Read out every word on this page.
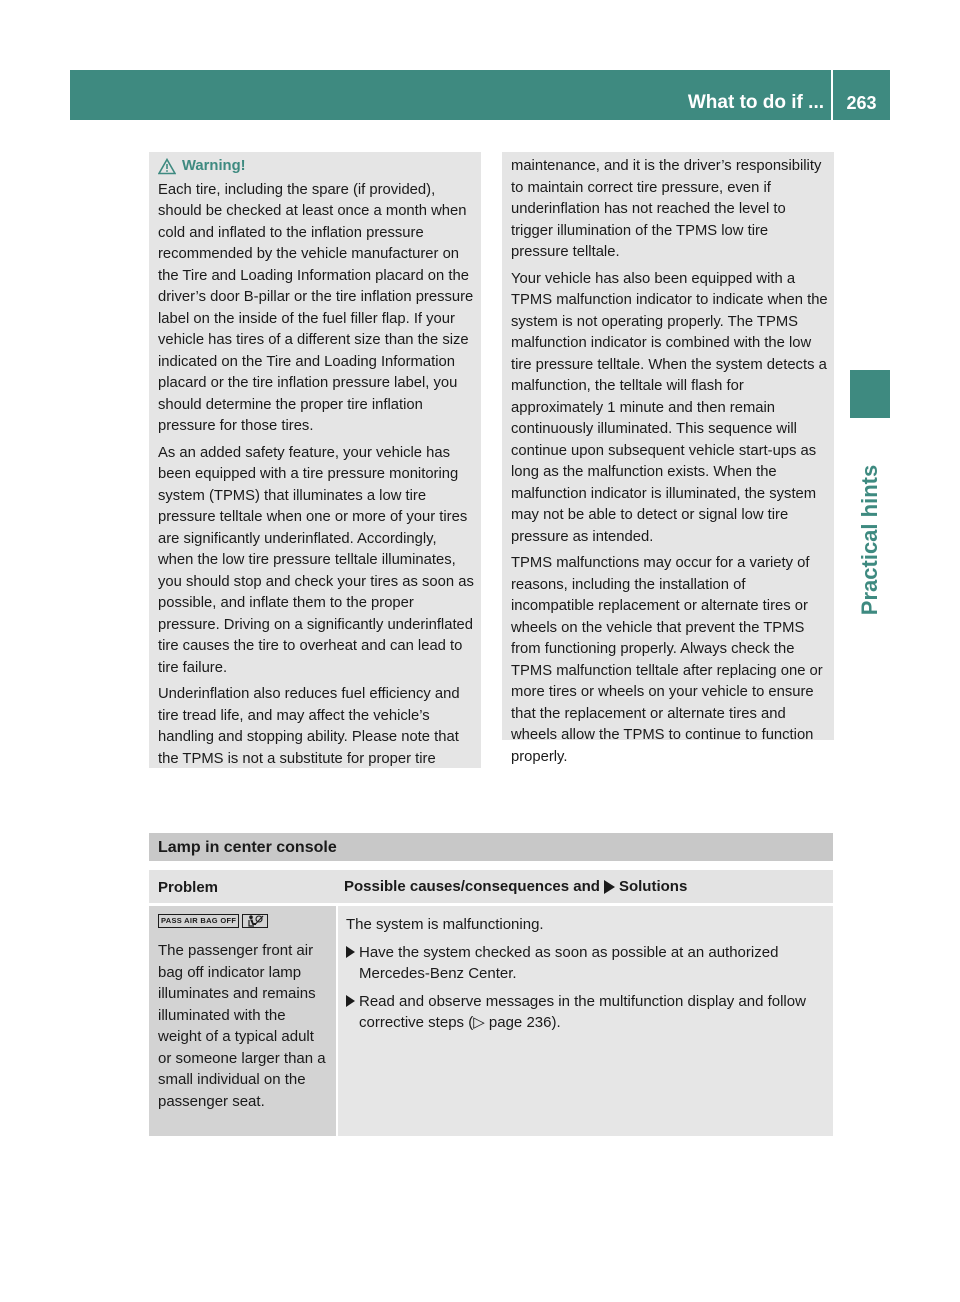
What to do if ...	263
Practical hints
Warning!

Each tire, including the spare (if provided), should be checked at least once a month when cold and inflated to the inflation pressure recommended by the vehicle manufacturer on the Tire and Loading Information placard on the driver’s door B-pillar or the tire inflation pressure label on the inside of the fuel filler flap. If your vehicle has tires of a different size than the size indicated on the Tire and Loading Information placard or the tire inflation pressure label, you should determine the proper tire inflation pressure for those tires.

As an added safety feature, your vehicle has been equipped with a tire pressure monitoring system (TPMS) that illuminates a low tire pressure telltale when one or more of your tires are significantly underinflated. Accordingly, when the low tire pressure telltale illuminates, you should stop and check your tires as soon as possible, and inflate them to the proper pressure. Driving on a significantly underinflated tire causes the tire to overheat and can lead to tire failure.

Underinflation also reduces fuel efficiency and tire tread life, and may affect the vehicle’s handling and stopping ability. Please note that the TPMS is not a substitute for proper tire

maintenance, and it is the driver’s responsibility to maintain correct tire pressure, even if underinflation has not reached the level to trigger illumination of the TPMS low tire pressure telltale.

Your vehicle has also been equipped with a TPMS malfunction indicator to indicate when the system is not operating properly. The TPMS malfunction indicator is combined with the low tire pressure telltale. When the system detects a malfunction, the telltale will flash for approximately 1 minute and then remain continuously illuminated. This sequence will continue upon subsequent vehicle start-ups as long as the malfunction exists. When the malfunction indicator is illuminated, the system may not be able to detect or signal low tire pressure as intended.

TPMS malfunctions may occur for a variety of reasons, including the installation of incompatible replacement or alternate tires or wheels on the vehicle that prevent the TPMS from functioning properly. Always check the TPMS malfunction telltale after replacing one or more tires or wheels on your vehicle to ensure that the replacement or alternate tires and wheels allow the TPMS to continue to function properly.

Lamp in center console
Problem	Possible causes/consequences and Solutions
PASS AIR BAG OFF
The passenger front air bag off indicator lamp illuminates and remains illuminated with the weight of a typical adult or someone larger than a small individual on the passenger seat.
The system is malfunctioning.
Have the system checked as soon as possible at an authorized Mercedes-Benz Center.
Read and observe messages in the multifunction display and follow corrective steps (▷ page 236).
